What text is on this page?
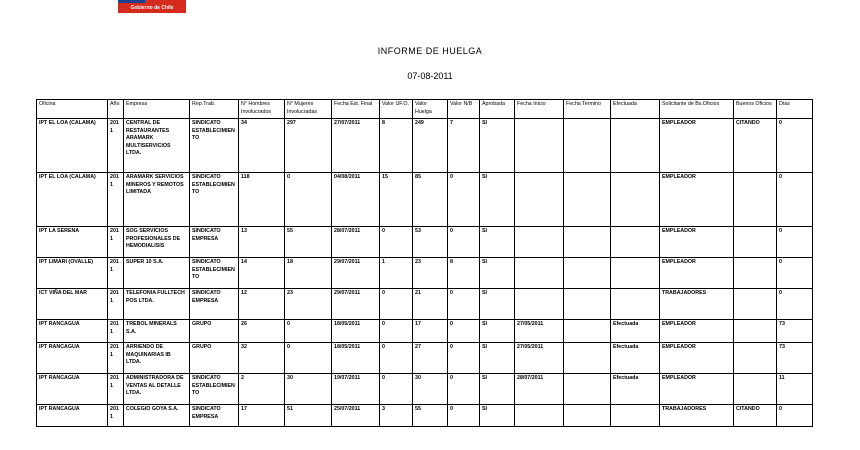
Gobierno de Chile
INFORME DE HUELGA
07-08-2011
Oficina	Año	Empresa	Rep.Trab.	N° Hombres Involucrados	N° Mujeres Involucradas	Fecha Est. Final	Valor UF.O.	Valor Huelga	Valor N/B	Aprobada	Fecha Inicio	Fecha Termino	Efectuada	Solicitante de Bs.Oficios	Buenos Oficios	Días
IPT EL LOA (CALAMA)	2011	CENTRAL DE RESTAURANTES ARAMARK MULTISERVICIOS LTDA.	SINDICATO ESTABLECIMIENTO	34	297	27/07/2011	8	249	7	SI				EMPLEADOR	CITANDO	0
IPT EL LOA (CALAMA)	2011	ARAMARK SERVICIOS MINEROS Y REMOTOS LIMITADA	SINDICATO ESTABLECIMIENTO	118	0	04/08/2011	15	85	0	SI				EMPLEADOR		0
IPT LA SERENA	2011	SOG SERVICIOS PROFESIONALES DE HEMODIALISIS	SINDICATO EMPRESA	13	55	28/07/2011	0	53	0	SI				EMPLEADOR		0
IPT LIMARI (OVALLE)	2011	SUPER 10 S.A.	SINDICATO ESTABLECIMIENTO	14	18	29/07/2011	1	23	8	SI				EMPLEADOR		0
ICT VIÑA DEL MAR	2011	TELEFONIA FULLTECH POS LTDA.	SINDICATO EMPRESA	12	23	29/07/2011	0	21	0	SI				TRABAJADORES		0
IPT RANCAGUA	2011	TREBOL MINERALS S.A.	GRUPO	26	0	18/05/2011	0	17	0	SI	27/05/2011		Efectuada	EMPLEADOR		73
IPT RANCAGUA	2011	ARRIENDO DE MAQUINARIAS IB LTDA.	GRUPO	32	0	18/05/2011	0	27	0	SI	27/05/2011		Efectuada	EMPLEADOR		73
IPT RANCAGUA	2011	ADMINISTRADORA DE VENTAS AL DETALLE LTDA.	SINDICATO ESTABLECIMIENTO	2	30	19/07/2011	0	30	0	SI	28/07/2011		Efectuada	EMPLEADOR		11
IPT RANCAGUA	2011	COLEGIO GOYA S.A.	SINDICATO EMPRESA	17	51	25/07/2011	3	55	0	SI				TRABAJADORES	CITANDO	0
